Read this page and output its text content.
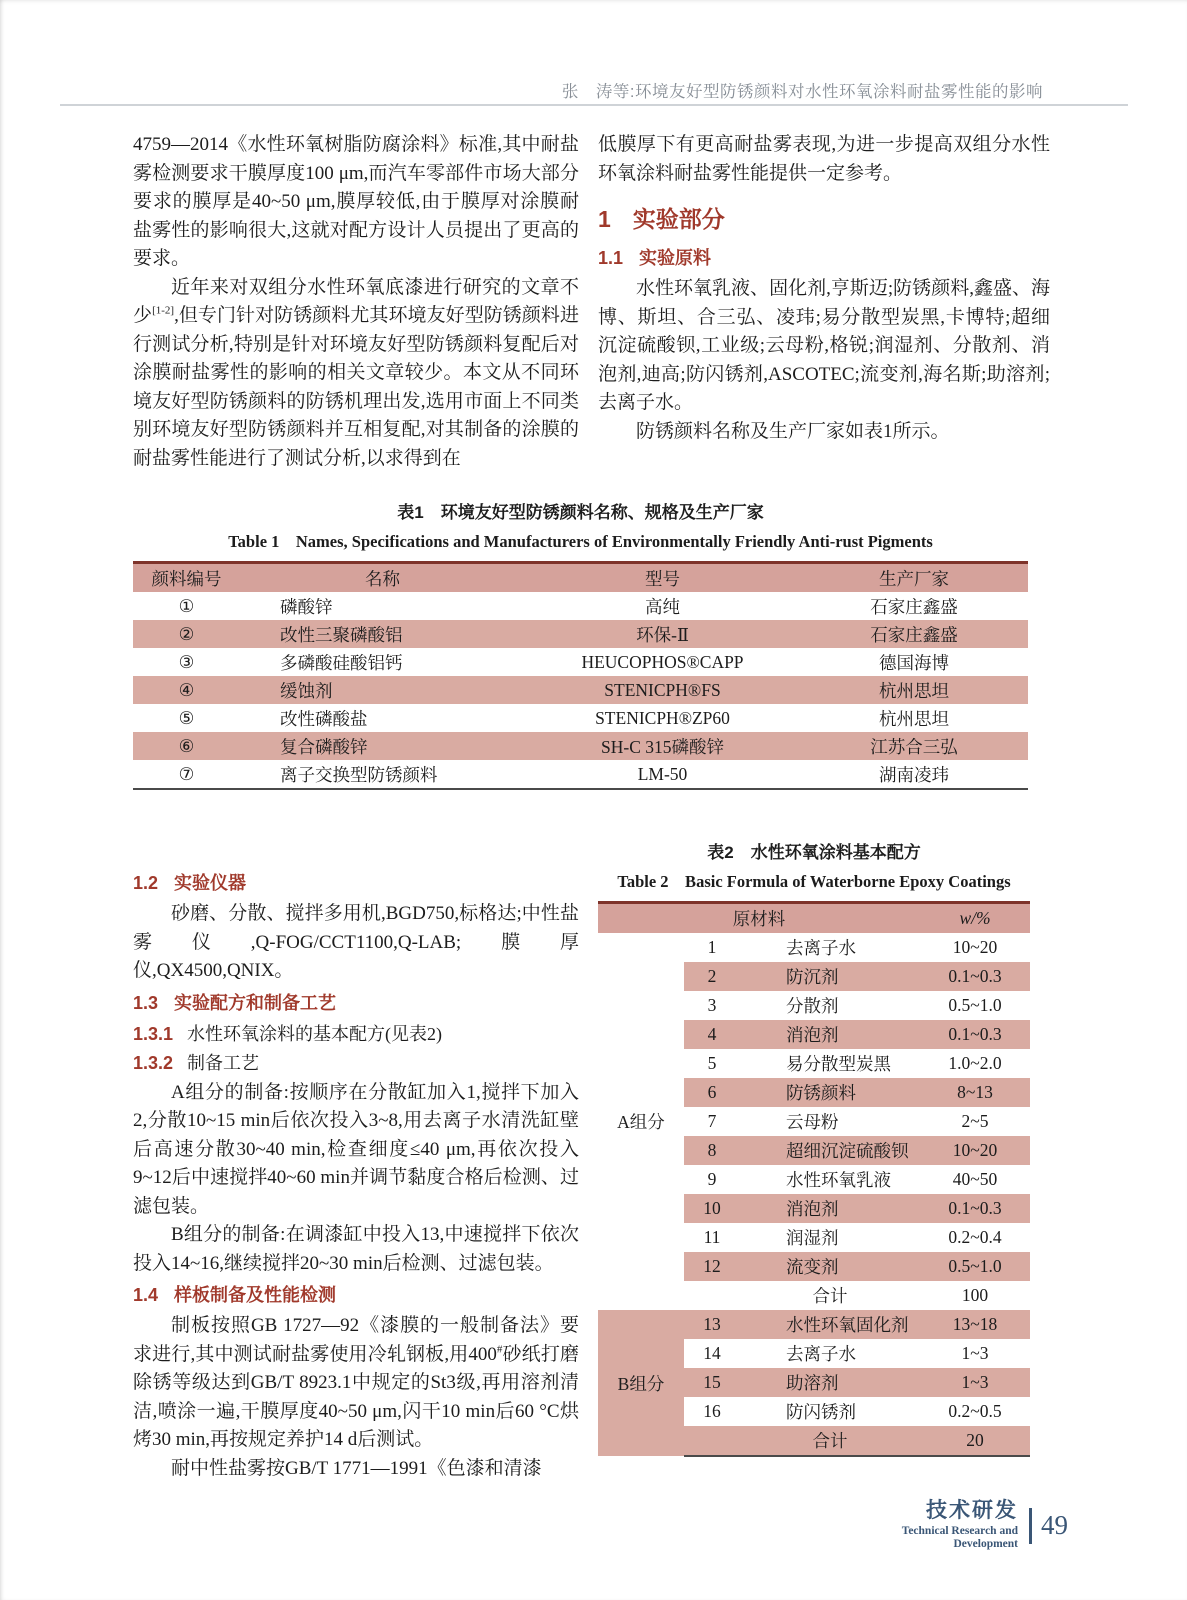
张　涛等:环境友好型防锈颜料对水性环氧涂料耐盐雾性能的影响

4759—2014《水性环氧树脂防腐涂料》标准,其中耐盐雾检测要求干膜厚度100 μm,而汽车零部件市场大部分要求的膜厚是40~50 μm,膜厚较低,由于膜厚对涂膜耐盐雾性的影响很大,这就对配方设计人员提出了更高的要求。

近年来对双组分水性环氧底漆进行研究的文章不少[1-2],但专门针对防锈颜料尤其环境友好型防锈颜料进行测试分析,特别是针对环境友好型防锈颜料复配后对涂膜耐盐雾性的影响的相关文章较少。本文从不同环境友好型防锈颜料的防锈机理出发,选用市面上不同类别环境友好型防锈颜料并互相复配,对其制备的涂膜的耐盐雾性能进行了测试分析,以求得到在

低膜厚下有更高耐盐雾表现,为进一步提高双组分水性环氧涂料耐盐雾性能提供一定参考。

1 实验部分
1.1 实验原料

水性环氧乳液、固化剂,亨斯迈;防锈颜料,鑫盛、海博、斯坦、合三弘、凌玮;易分散型炭黑,卡博特;超细沉淀硫酸钡,工业级;云母粉,格锐;润湿剂、分散剂、消泡剂,迪高;防闪锈剂,ASCOTEC;流变剂,海名斯;助溶剂;去离子水。

防锈颜料名称及生产厂家如表1所示。

表1　环境友好型防锈颜料名称、规格及生产厂家
Table 1　Names, Specifications and Manufacturers of Environmentally Friendly Anti-rust Pigments
颜料编号	名称	型号	生产厂家
①	磷酸锌	高纯	石家庄鑫盛
②	改性三聚磷酸铝	环保-Ⅱ	石家庄鑫盛
③	多磷酸硅酸铝钙	HEUCOPHOS®CAPP	德国海博
④	缓蚀剂	STENICPH®FS	杭州思坦
⑤	改性磷酸盐	STENICPH®ZP60	杭州思坦
⑥	复合磷酸锌	SH-C 315磷酸锌	江苏合三弘
⑦	离子交换型防锈颜料	LM-50	湖南凌玮
1.2 实验仪器

砂磨、分散、搅拌多用机,BGD750,标格达;中性盐雾仪,Q-FOG/CCT1100,Q-LAB;膜厚仪,QX4500,QNIX。

1.3 实验配方和制备工艺
1.3.1 水性环氧涂料的基本配方(见表2)
1.3.2 制备工艺

A组分的制备:按顺序在分散缸加入1,搅拌下加入2,分散10~15 min后依次投入3~8,用去离子水清洗缸壁后高速分散30~40 min,检查细度≤40 μm,再依次投入9~12后中速搅拌40~60 min并调节黏度合格后检测、过滤包装。

B组分的制备:在调漆缸中投入13,中速搅拌下依次投入14~16,继续搅拌20~30 min后检测、过滤包装。

1.4 样板制备及性能检测

制板按照GB 1727—92《漆膜的一般制备法》要求进行,其中测试耐盐雾使用冷轧钢板,用400#砂纸打磨除锈等级达到GB/T 8923.1中规定的St3级,再用溶剂清洁,喷涂一遍,干膜厚度40~50 μm,闪干10 min后60 °C烘烤30 min,再按规定养护14 d后测试。

耐中性盐雾按GB/T 1771—1991《色漆和清漆

表2　水性环氧涂料基本配方
Table 2　Basic Formula of Waterborne Epoxy Coatings
原材料			w/%
A组分	1	去离子水	10~20
	2	防沉剂	0.1~0.3
	3	分散剂	0.5~1.0
	4	消泡剂	0.1~0.3
	5	易分散型炭黑	1.0~2.0
	6	防锈颜料	8~13
	7	云母粉	2~5
	8	超细沉淀硫酸钡	10~20
	9	水性环氧乳液	40~50
	10	消泡剂	0.1~0.3
	11	润湿剂	0.2~0.4
	12	流变剂	0.5~1.0
		合计	100
B组分	13	水性环氧固化剂	13~18
	14	去离子水	1~3
	15	助溶剂	1~3
	16	防闪锈剂	0.2~0.5
		合计	20
技术研发
Technical Research and Development
49
